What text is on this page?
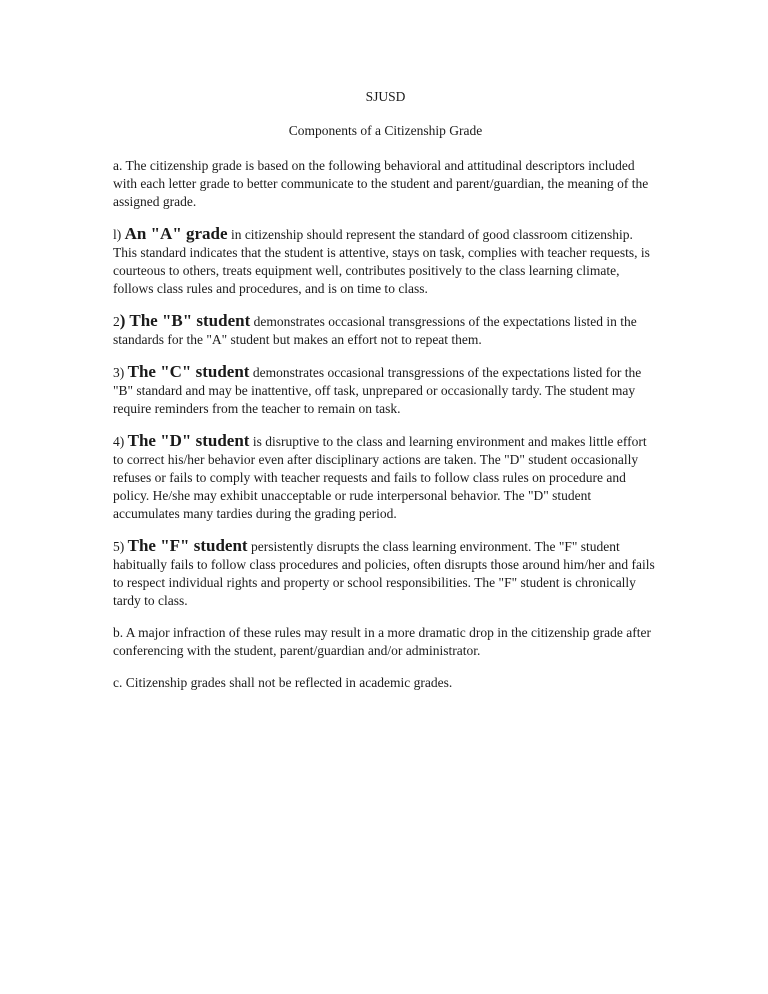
SJUSD
Components of a Citizenship Grade

a. The citizenship grade is based on the following behavioral and attitudinal descriptors included with each letter grade to better communicate to the student and parent/guardian, the meaning of the assigned grade.

l) An "A" grade in citizenship should represent the standard of good classroom citizenship. This standard indicates that the student is attentive, stays on task, complies with teacher requests, is courteous to others, treats equipment well, contributes positively to the class learning climate, follows class rules and procedures, and is on time to class.

2) The "B" student demonstrates occasional transgressions of the expectations listed in the standards for the "A" student but makes an effort not to repeat them.

3) The "C" student demonstrates occasional transgressions of the expectations listed for the "B" standard and may be inattentive, off task, unprepared or occasionally tardy. The student may require reminders from the teacher to remain on task.

4) The "D" student is disruptive to the class and learning environment and makes little effort to correct his/her behavior even after disciplinary actions are taken. The "D" student occasionally refuses or fails to comply with teacher requests and fails to follow class rules on procedure and policy. He/she may exhibit unacceptable or rude interpersonal behavior. The "D" student accumulates many tardies during the grading period.

5) The "F" student persistently disrupts the class learning environment. The "F" student habitually fails to follow class procedures and policies, often disrupts those around him/her and fails to respect individual rights and property or school responsibilities. The "F" student is chronically tardy to class.

b. A major infraction of these rules may result in a more dramatic drop in the citizenship grade after conferencing with the student, parent/guardian and/or administrator.

c. Citizenship grades shall not be reflected in academic grades.
